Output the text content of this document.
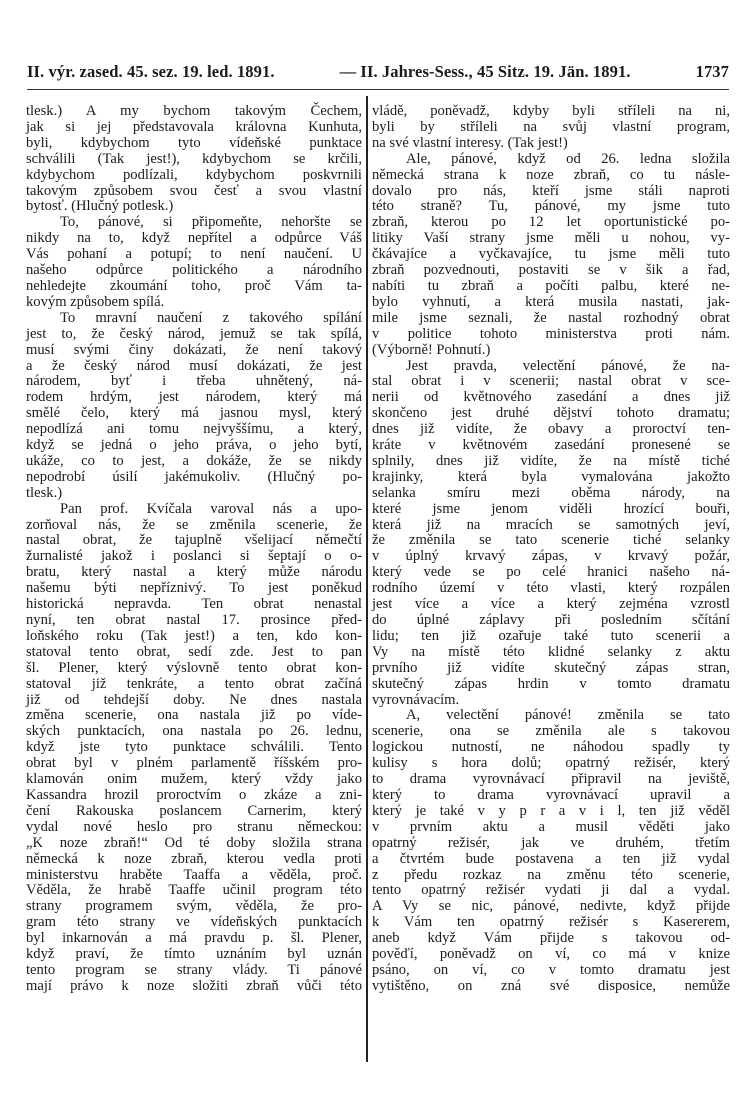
II. výr. zased. 45. sez. 19. led. 1891.	— II. Jahres-Sess., 45 Sitz. 19. Jän. 1891.	1737
tlesk.) A my bychom takovým Čechem,
jak si jej představovala královna Kunhuta,
byli, kdybychom tyto vídeňské punktace
schválili (Tak jest!), kdybychom se krčili,
kdybychom podlízali, kdybychom poskvrnili
takovým způsobem svou česť a svou vlastní
bytosť. (Hlučný potlesk.)
To, pánové, si připomeňte, nehoršte se
nikdy na to, když nepřítel a odpůrce Váš
Vás pohaní a potupí; to není naučení. U
našeho odpůrce politického a národního
nehledejte zkoumání toho, proč Vám ta-
kovým způsobem spílá.
To mravní naučení z takového spílání
jest to, že český národ, jemuž se tak spílá,
musí svými činy dokázati, že není takový
a že český národ musí dokázati, že jest
národem, byť i třeba uhnětený, ná-
rodem hrdým, jest národem, který má
smělé čelo, který má jasnou mysl, který
nepodlízá ani tomu nejvyššímu, a který,
když se jedná o jeho práva, o jeho bytí,
ukáže, co to jest, a dokáže, že se nikdy
nepodrobí úsilí jakémukoliv. (Hlučný po-
tlesk.)
Pan prof. Kvíčala varoval nás a upo-
zorňoval nás, že se změnila scenerie, že
nastal obrat, že tajuplně všelijací němečtí
žurnalisté jakož i poslanci si šeptají o o-
bratu, který nastal a který může národu
našemu býti nepříznivý. To jest poněkud
historická nepravda. Ten obrat nenastal
nyní, ten obrat nastal 17. prosince před-
loňského roku (Tak jest!) a ten, kdo kon-
statoval tento obrat, sedí zde. Jest to pan
šl. Plener, který výslovně tento obrat kon-
statoval již tenkráte, a tento obrat začíná
již od tehdejší doby. Ne dnes nastala
změna scenerie, ona nastala již po víde-
ských punktacích, ona nastala po 26. lednu,
když jste tyto punktace schválili. Tento
obrat byl v plném parlamentě říšském pro-
klamován onim mužem, který vždy jako
Kassandra hrozil proroctvím o zkáze a zni-
čení Rakouska poslancem Carnerim, který
vydal nové heslo pro stranu německou:
„K noze zbraň!“ Od té doby složila strana
německá k noze zbraň, kterou vedla proti
ministerstvu hraběte Taaffa a věděla, proč.
Věděla, že hrabě Taaffe učinil program této
strany programem svým, věděla, že pro-
gram této strany ve vídeňských punktacích
byl inkarnován a má pravdu p. šl. Plener,
když praví, že tímto uznáním byl uznán
tento program se strany vlády. Ti pánové
mají právo k noze složiti zbraň vůči této
vládě, poněvadž, kdyby byli stříleli na ni,
byli by stříleli na svůj vlastní program,
na své vlastní interesy. (Tak jest!)
Ale, pánové, když od 26. ledna složila
německá strana k noze zbraň, co tu násle-
dovalo pro nás, kteří jsme stáli naproti
této straně? Tu, pánové, my jsme tuto
zbraň, kterou po 12 let oportunistické po-
litiky Vaší strany jsme měli u nohou, vy-
čkávajíce a vyčkavajíce, tu jsme měli tuto
zbraň pozvednouti, postaviti se v šik a řad,
nabíti tu zbraň a počíti palbu, které ne-
bylo vyhnutí, a která musila nastati, jak-
mile jsme seznali, že nastal rozhodný obrat
v politice tohoto ministerstva proti nám.
(Výborně! Pohnutí.)
Jest pravda, velectění pánové, že na-
stal obrat i v scenerii; nastal obrat v sce-
nerii od květnového zasedání a dnes již
skončeno jest druhé dějství tohoto dramatu;
dnes již vidíte, že obavy a proroctví ten-
kráte v květnovém zasedání pronesené se
splnily, dnes již vidíte, že na místě tiché
krajinky, která byla vymalována jakožto
selanka smíru mezi oběma národy, na
které jsme jenom viděli hrozící bouři,
která již na mracích se samotných jeví,
že změnila se tato scenerie tiché selanky
v úplný krvavý zápas, v krvavý požár,
který vede se po celé hranici našeho ná-
rodního území v této vlasti, který rozpálen
jest více a více a který zejména vzrostl
do úplné záplavy při posledním sčítání
lidu; ten již ozařuje také tuto scenerii a
Vy na místě této klidné selanky z aktu
prvního již vidíte skutečný zápas stran,
skutečný zápas hrdin v tomto dramatu
vyrovnávacím.
A, velectění pánové! změnila se tato
scenerie, ona se změnila ale s takovou
logickou nutností, ne náhodou spadly ty
kulisy s hora dolů; opatrný režisér, který
to drama vyrovnávací připravil na jeviště,
který to drama vyrovnávací upravil a
který je také v y p r a v i l, ten již věděl
v prvním aktu a musil věděti jako
opatrný režisér, jak ve druhém, třetím
a čtvrtém bude postavena a ten již vydal
z předu rozkaz na změnu této scenerie,
tento opatrný režisér vydati ji dal a vydal.
A Vy se nic, pánové, nedivte, když přijde
k Vám ten opatrný režisér s Kasererem,
aneb když Vám přijde s takovou od-
pověďí, poněvadž on ví, co má v knize
psáno, on ví, co v tomto dramatu jest
vytištěno, on zná své disposice, nemůže
